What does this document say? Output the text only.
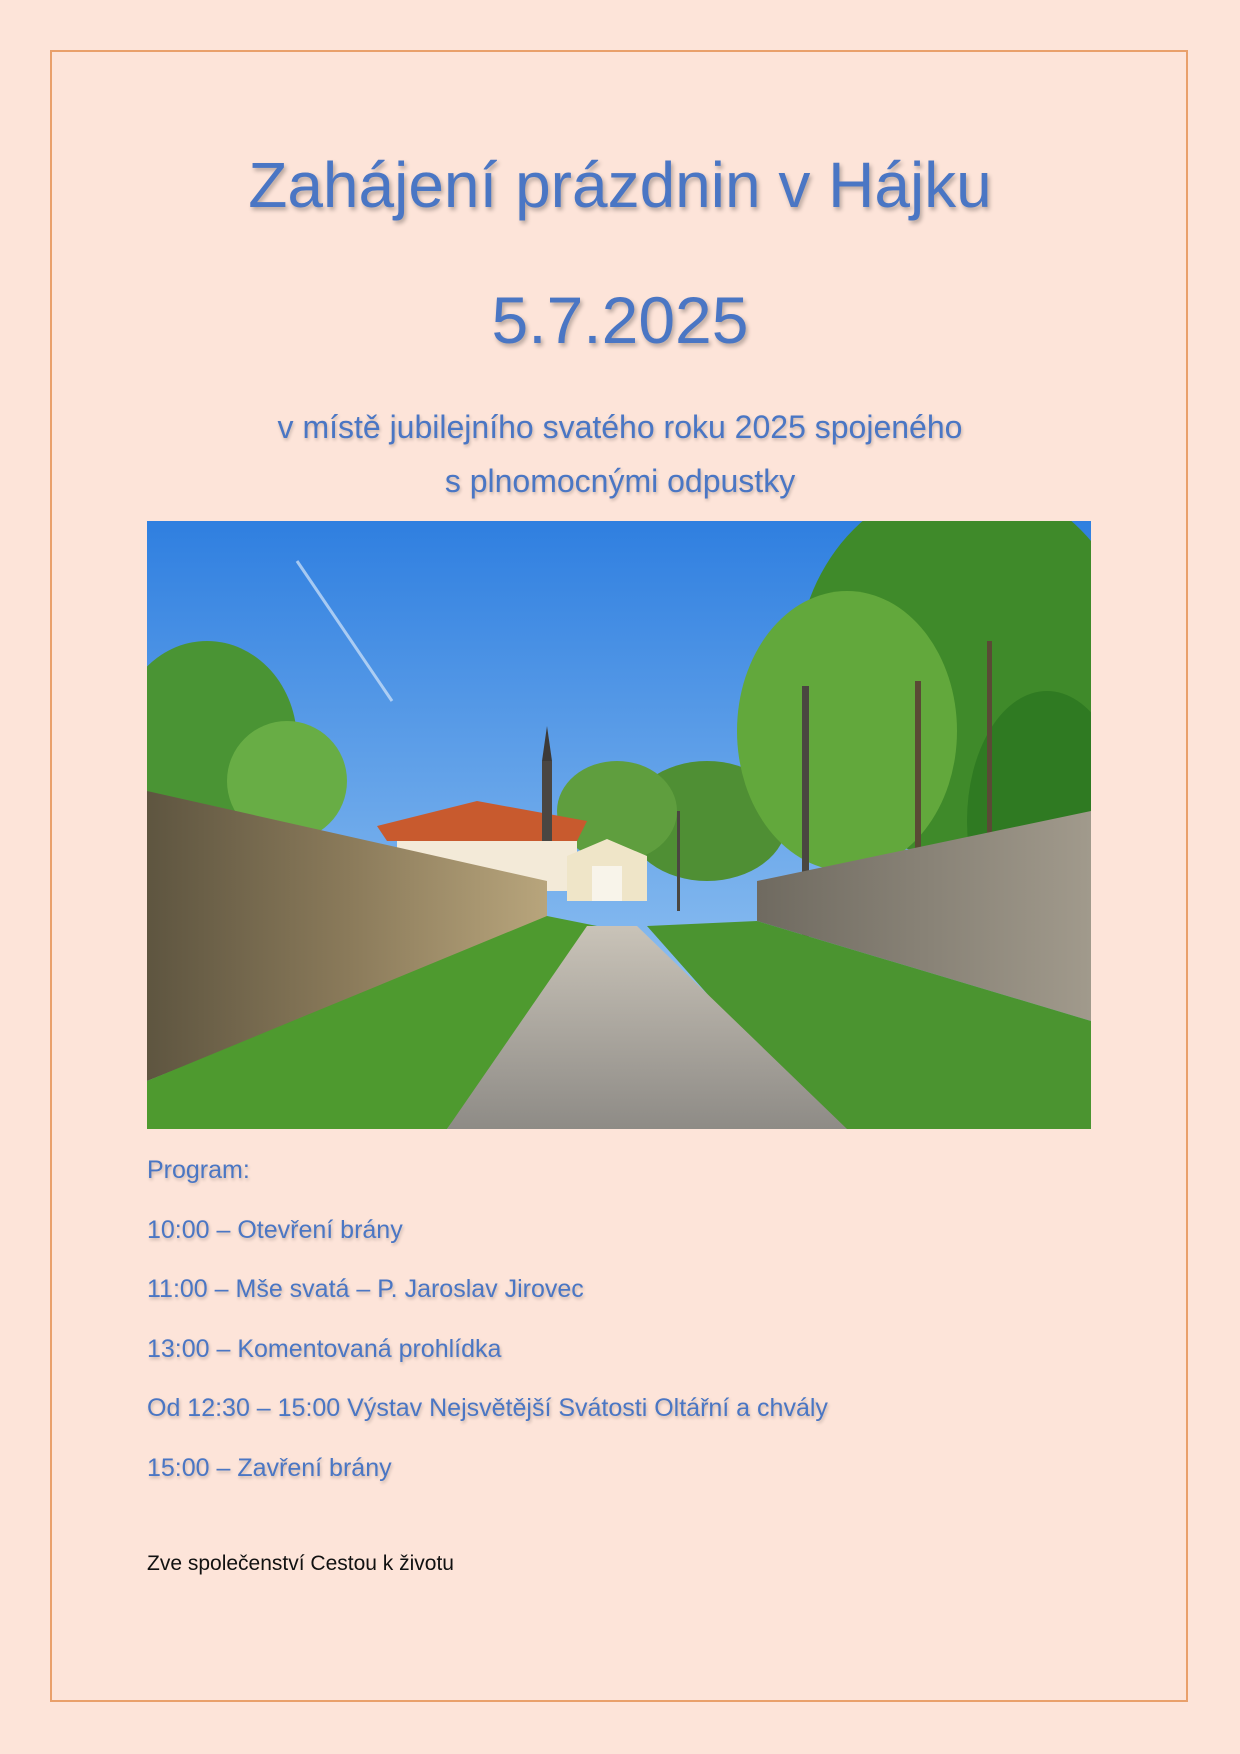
Zahájení prázdnin v Hájku
5.7.2025
v místě jubilejního svatého roku 2025 spojeného
s plnomocnými odpustky
Program:
10:00 – Otevření brány
11:00 – Mše svatá – P. Jaroslav Jirovec
13:00 – Komentovaná prohlídka
Od 12:30 – 15:00 Výstav Nejsvětější Svátosti Oltářní a chvály
15:00 – Zavření brány
Zve společenství Cestou k životu
